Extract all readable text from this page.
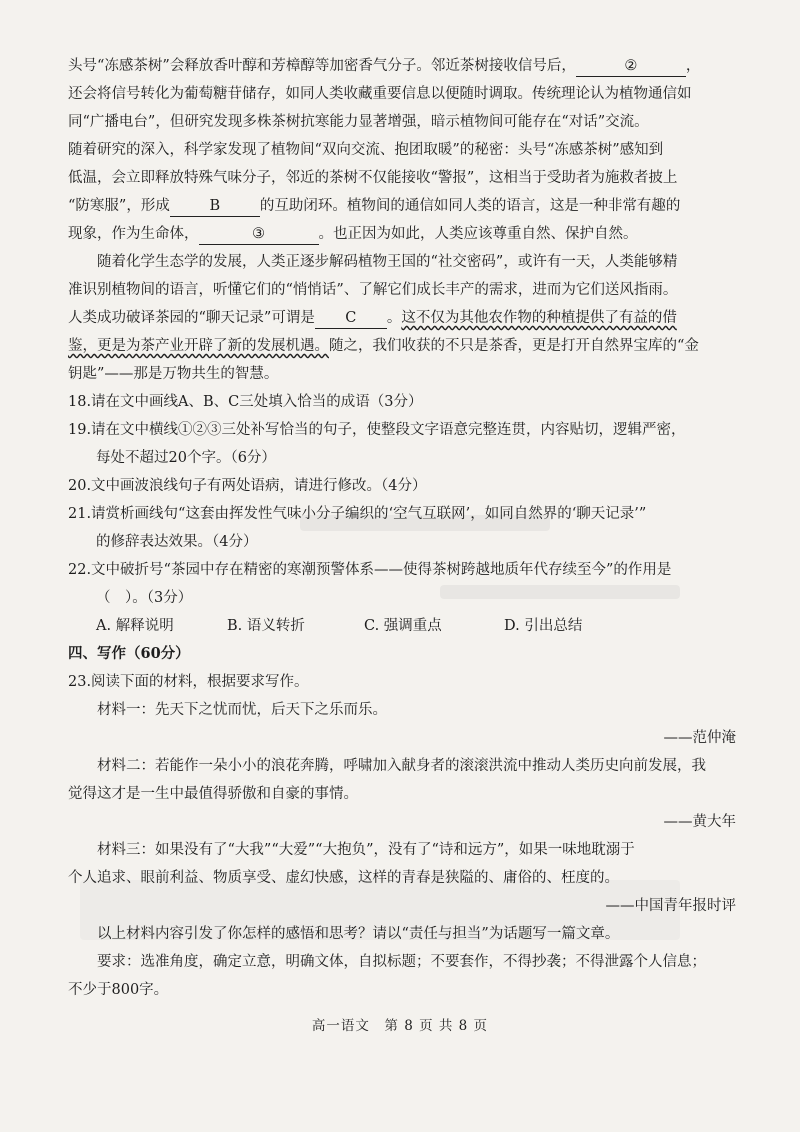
头号“冻感茶树”会释放香叶醇和芳樟醇等加密香气分子。邻近茶树接收信号后，	②	，
还会将信号转化为葡萄糖苷储存，如同人类收藏重要信息以便随时调取。传统理论认为植物通信如
同“广播电台”，但研究发现多株茶树抗寒能力显著增强，暗示植物间可能存在“对话”交流。
随着研究的深入，科学家发现了植物间“双向交流、抱团取暖”的秘密：头号“冻感茶树”感知到
低温，会立即释放特殊气味分子，邻近的茶树不仅能接收“警报”，这相当于受助者为施救者披上
“防寒服”，形成	B	的互助闭环。植物间的通信如同人类的语言，这是一种非常有趣的
现象，作为生命体，	③	。也正因为如此，人类应该尊重自然、保护自然。
随着化学生态学的发展，人类正逐步解码植物王国的“社交密码”，或许有一天，人类能够精
准识别植物间的语言，听懂它们的“悄悄话”、了解它们成长丰产的需求，进而为它们送风指雨。
人类成功破译茶园的“聊天记录”可谓是 C 。这不仅为其他农作物的种植提供了有益的借
鉴，更是为茶产业开辟了新的发展机遇。随之，我们收获的不只是茶香，更是打开自然界宝库的“金
钥匙”——那是万物共生的智慧。
18.请在文中画线A、B、C三处填入恰当的成语（3分）
19.请在文中横线①②③三处补写恰当的句子，使整段文字语意完整连贯，内容贴切，逻辑严密，
每处不超过20个字。（6分）
20.文中画波浪线句子有两处语病，请进行修改。（4分）
21.请赏析画线句“这套由挥发性气味小分子编织的‘空气互联网’，如同自然界的‘聊天记录’”
的修辞表达效果。（4分）
22.文中破折号“茶园中存在精密的寒潮预警体系——使得茶树跨越地质年代存续至今”的作用是
（　）。（3分）
A. 解释说明	B. 语义转折	C. 强调重点	D. 引出总结
四、写作（60分）
23.阅读下面的材料，根据要求写作。
材料一：先天下之忧而忧，后天下之乐而乐。
——范仲淹
材料二：若能作一朵小小的浪花奔腾，呼啸加入献身者的滚滚洪流中推动人类历史向前发展，我
觉得这才是一生中最值得骄傲和自豪的事情。
——黄大年
材料三：如果没有了“大我”“大爱”“大抱负”，没有了“诗和远方”，如果一味地耽溺于
个人追求、眼前利益、物质享受、虚幻快感，这样的青春是狭隘的、庸俗的、枉度的。
——中国青年报时评
以上材料内容引发了你怎样的感悟和思考？请以“责任与担当”为话题写一篇文章。
要求：选准角度，确定立意，明确文体，自拟标题；不要套作，不得抄袭；不得泄露个人信息；
不少于800字。
高一语文　第 8 页 共 8 页
